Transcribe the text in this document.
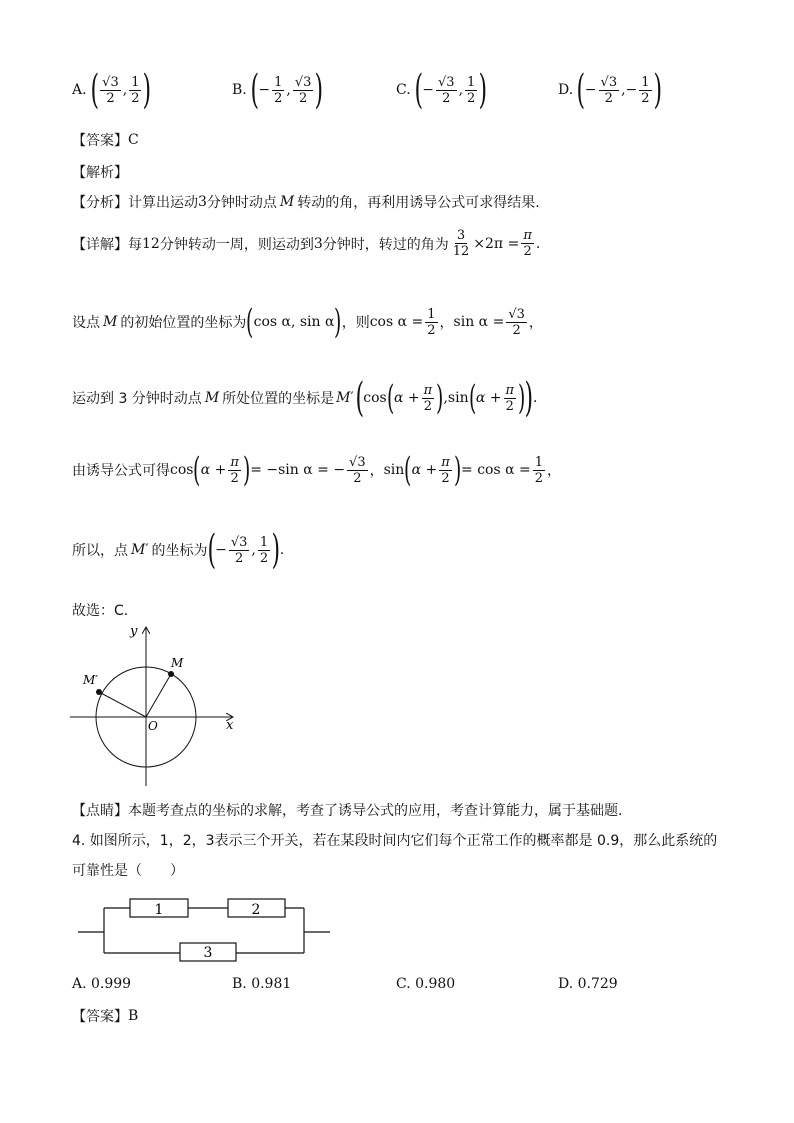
A. ( $\frac{√3}{2}$ , $\frac{1}{2}$ )	B. ( − $\frac{1}{2}$ , $\frac{√3}{2}$ )	C. ( − $\frac{√3}{2}$ , $\frac{1}{2}$ )	D. ( − $\frac{√3}{2}$ ,− $\frac{1}{2}$ )
【答案】 C
【解析】
【分析】 计算出运动 3 分钟时动点 M 转动的角，再利用诱导公式可求得结果.
【详解】 每 12 分钟转动一周，则运动到 3 分钟时，转过的角为 $\frac{3}{12} \times 2\pi = \frac{\pi}{2}$ .
设点 M 的初始位置的坐标为 ( cos α, sin α ) ，则 $\cos \alpha = \frac{1}{2}$ ， $\sin \alpha = \frac{√3}{2}$ ，
运动到 3 分钟时动点 M 所处位置的坐标是 M′ ( cos ( $\alpha + \frac{\pi}{2}$ ) , sin ( $\alpha + \frac{\pi}{2}$ ) ) .
由诱导公式可得 cos ( $\alpha + \frac{\pi}{2}$ ) = −sin α = − $\frac{√3}{2}$ ， sin ( $\alpha + \frac{\pi}{2}$ ) = $\cos \alpha = \frac{1}{2}$ ，
所以，点 M′ 的坐标为 ( − $\frac{√3}{2}$ , $\frac{1}{2}$ ) .
故选：C.
y
x
O
M
M′
【点睛】 本题考查点的坐标的求解，考查了诱导公式的应用，考查计算能力，属于基础题.
4. 如图所示，1，2，3表示三个开关，若在某段时间内它们每个正常工作的概率都是 0.9，那么此系统的
可靠性是（　　）
1	2
3
A. 0.999	B. 0.981	C. 0.980	D. 0.729
【答案】 B
